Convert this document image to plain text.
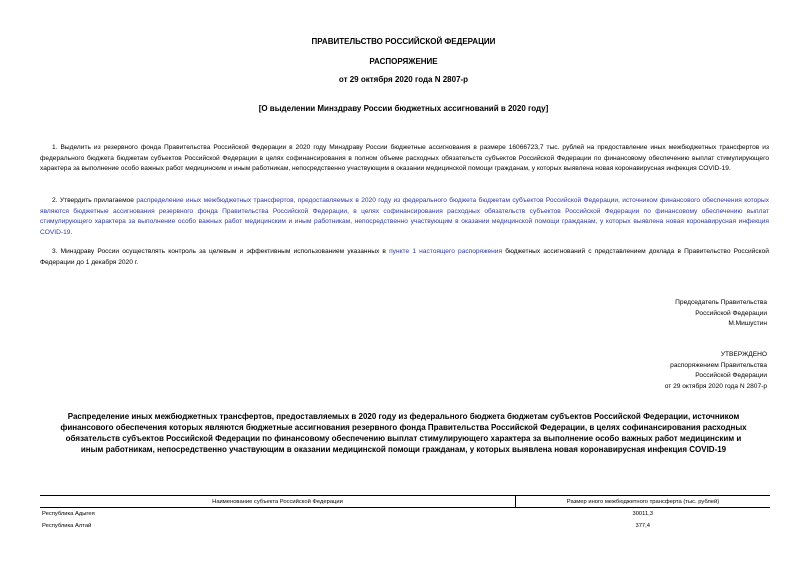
ПРАВИТЕЛЬСТВО РОССИЙСКОЙ ФЕДЕРАЦИИ
РАСПОРЯЖЕНИЕ
от 29 октября 2020 года N 2807-р
[О выделении Минздраву России бюджетных ассигнований в 2020 году]

1. Выделить из резервного фонда Правительства Российской Федерации в 2020 году Минздраву России бюджетные ассигнования в размере 16066723,7 тыс. рублей на предоставление иных межбюджетных трансфертов из федерального бюджета бюджетам субъектов Российской Федерации в целях софинансирования в полном объеме расходных обязательств субъектов Российской Федерации по финансовому обеспечению выплат стимулирующего характера за выполнение особо важных работ медицинским и иным работникам, непосредственно участвующим в оказании медицинской помощи гражданам, у которых выявлена новая коронавирусная инфекция COVID-19.

2. Утвердить прилагаемое распределение иных межбюджетных трансфертов, предоставляемых в 2020 году из федерального бюджета бюджетам субъектов Российской Федерации, источником финансового обеспечения которых являются бюджетные ассигнования резервного фонда Правительства Российской Федерации, в целях софинансирования расходных обязательств субъектов Российской Федерации по финансовому обеспечению выплат стимулирующего характера за выполнение особо важных работ медицинским и иным работникам, непосредственно участвующим в оказании медицинской помощи гражданам, у которых выявлена новая коронавирусная инфекция COVID-19.

3. Минздраву России осуществлять контроль за целевым и эффективным использованием указанных в пункте 1 настоящего распоряжения бюджетных ассигнований с представлением доклада в Правительство Российской Федерации до 1 декабря 2020 г.

Председатель Правительства
Российской Федерации
М.Мишустин
УТВЕРЖДЕНО
распоряжением Правительства
Российской Федерации
от 29 октября 2020 года N 2807-р
Распределение иных межбюджетных трансфертов, предоставляемых в 2020 году из федерального бюджета бюджетам субъектов Российской Федерации, источником финансового обеспечения которых являются бюджетные ассигнования резервного фонда Правительства Российской Федерации, в целях софинансирования расходных обязательств субъектов Российской Федерации по финансовому обеспечению выплат стимулирующего характера за выполнение особо важных работ медицинским и иным работникам, непосредственно участвующим в оказании медицинской помощи гражданам, у которых выявлена новая коронавирусная инфекция COVID-19
Наименование субъекта Российской Федерации	Размер иного межбюджетного трансферта (тыс. рублей)
Республика Адыгея	30011,3
Республика Алтай	377,4
